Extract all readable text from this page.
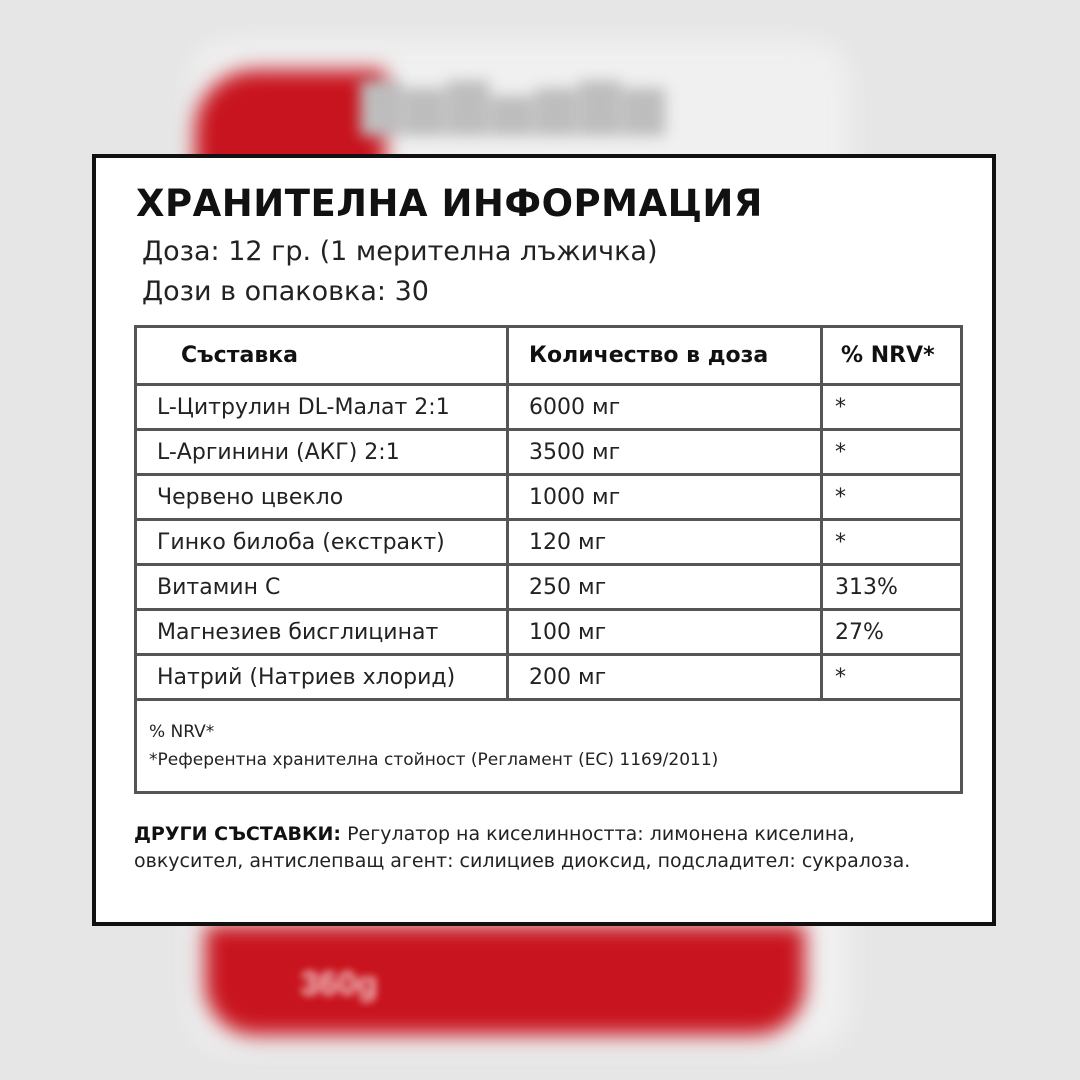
▇▆▇▅▆▇▆
360g
ХРАНИТЕЛНА ИНФОРМАЦИЯ
Доза: 12 гр. (1 мерителна лъжичка)
Дози в опаковка: 30
Съставка	Количество в доза	% NRV*
L-Цитрулин DL-Малат 2:1	6000 мг	*
L-Аргинини (АКГ) 2:1	3500 мг	*
Червено цвекло	1000 мг	*
Гинко билоба (екстракт)	120 мг	*
Витамин C	250 мг	313%
Магнезиев бисглицинат	100 мг	27%
Натрий (Натриев хлорид)	200 мг	*

% NRV*
*Референтна хранителна стойност (Регламент (ЕС) 1169/2011)		

ДРУГИ СЪСТАВКИ: Регулатор на киселинността: лимонена киселина, овкусител, антислепващ агент: силициев диоксид, подсладител: сукралоза.
